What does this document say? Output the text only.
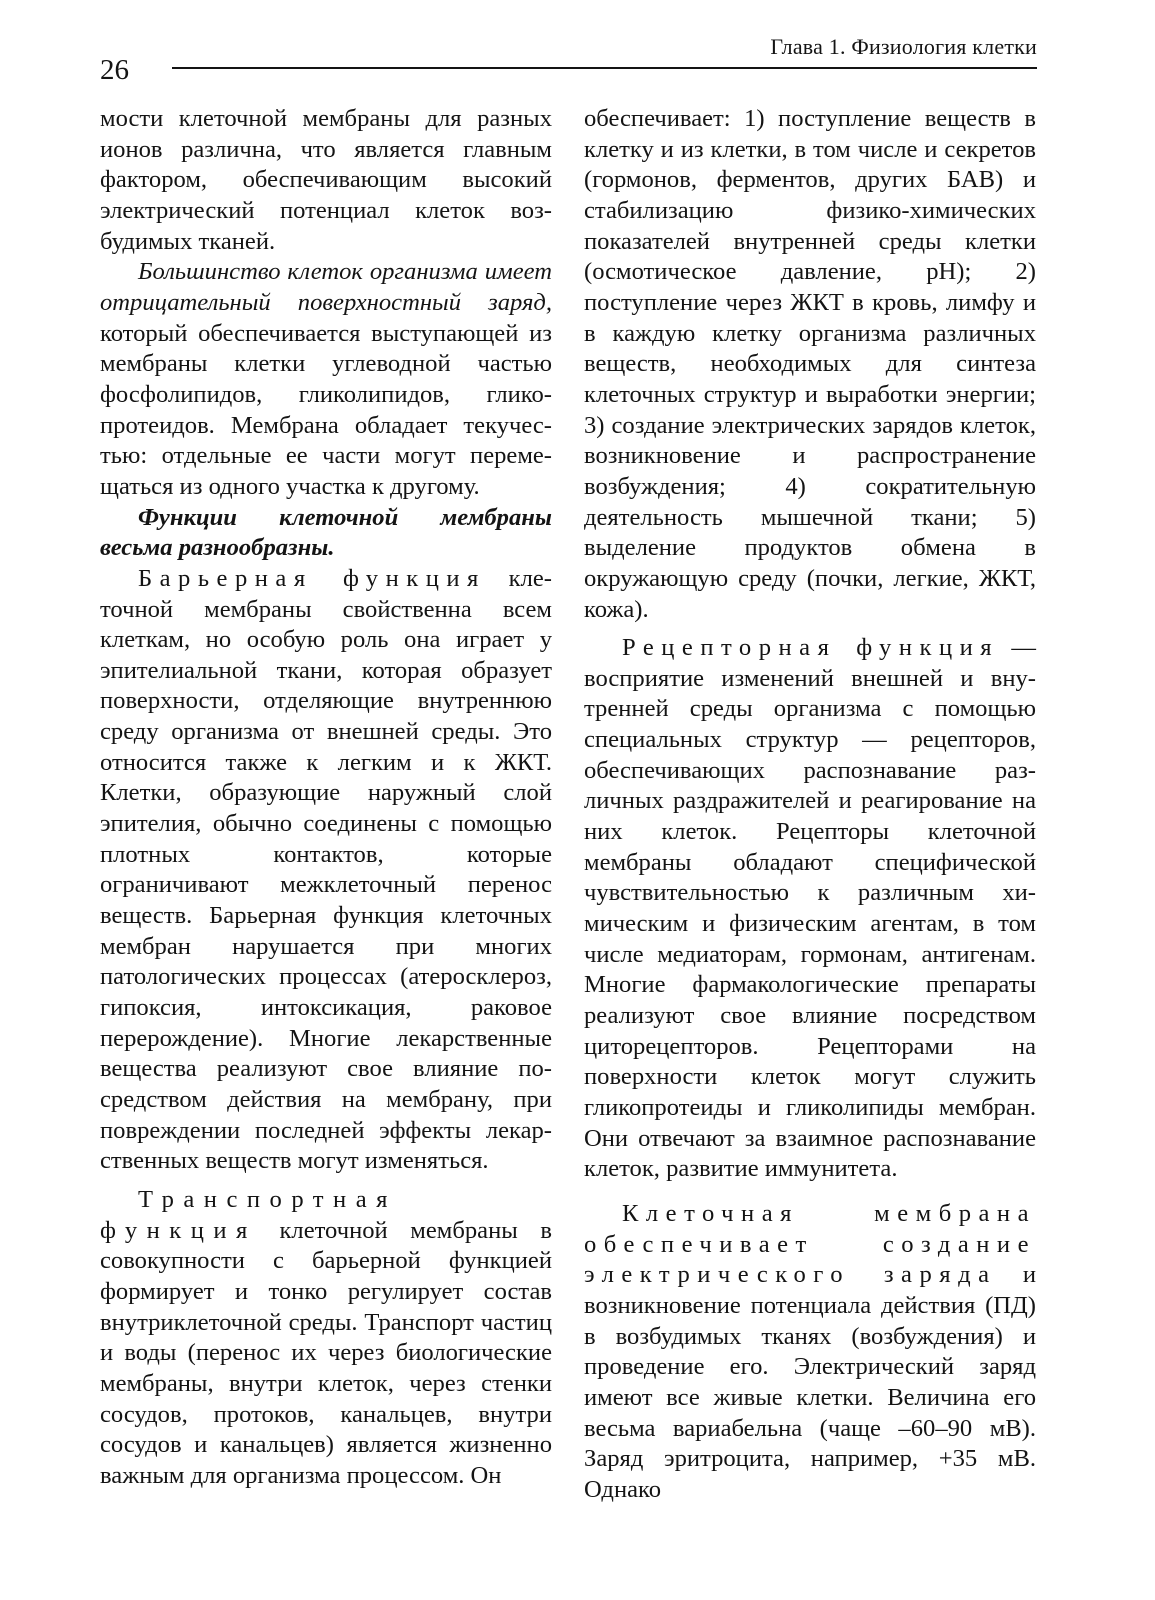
Глава 1. Физиология клетки
26

мости клеточной мембраны для разных ионов различна, что является главным фактором, обеспечивающим высокий электрический потенциал клеток возбудимых тканей.

Большинство клеток организма имеет отрицательный поверхностный заряд, который обеспечивается выступающей из мембраны клетки углеводной частью фосфолипидов, гликолипидов, гликопротеидов. Мембрана обладает текучестью: отдельные ее части могут перемещаться из одного участка к другому.

Функции клеточной мембраны весьма разнообразны.

Барьерная функция клеточной мембраны свойственна всем клеткам, но особую роль она играет у эпителиальной ткани, которая образует поверхности, отделяющие внутреннюю среду организма от внешней среды. Это относится также к легким и к ЖКТ. Клетки, образующие наружный слой эпителия, обычно соединены с помощью плотных контактов, которые ограничивают межклеточный перенос веществ. Барьерная функция клеточных мембран нарушается при многих патологических процессах (атеросклероз, гипоксия, интоксикация, раковое перерождение). Многие лекарственные вещества реализуют свое влияние посредством действия на мембрану, при повреждении последней эффекты лекарственных веществ могут изменяться.

Транспортная функция клеточной мембраны в совокупности с барьерной функцией формирует и тонко регулирует состав внутриклеточной среды. Транспорт частиц и воды (перенос их через биологические мембраны, внутри клеток, через стенки сосудов, протоков, канальцев, внутри сосудов и канальцев) является жизненно важным для организма процессом. Он

обеспечивает: 1) поступление веществ в клетку и из клетки, в том числе и секретов (гормонов, ферментов, других БАВ) и стабилизацию физико-химических показателей внутренней среды клетки (осмотическое давление, рН); 2) поступление через ЖКТ в кровь, лимфу и в каждую клетку организма различных веществ, необходимых для синтеза клеточных структур и выработки энергии; 3) создание электрических зарядов клеток, возникновение и распространение возбуждения; 4) сократительную деятельность мышечной ткани; 5) выделение продуктов обмена в окружающую среду (почки, легкие, ЖКТ, кожа).

Рецепторная функция — восприятие изменений внешней и внутренней среды организма с помощью специальных структур — рецепторов, обеспечивающих распознавание различных раздражителей и реагирование на них клеток. Рецепторы клеточной мембраны обладают специфической чувствительностью к различным химическим и физическим агентам, в том числе медиаторам, гормонам, антигенам. Многие фармакологические препараты реализуют свое влияние посредством циторецепторов. Рецепторами на поверхности клеток могут служить гликопротеиды и гликолипиды мембран. Они отвечают за взаимное распознавание клеток, развитие иммунитета.

Клеточная мембрана обеспечивает создание электрического заряда и возникновение потенциала действия (ПД) в возбудимых тканях (возбуждения) и проведение его. Электрический заряд имеют все живые клетки. Величина его весьма вариабельна (чаще –60–90 мВ). Заряд эритроцита, например, +35 мВ. Однако
